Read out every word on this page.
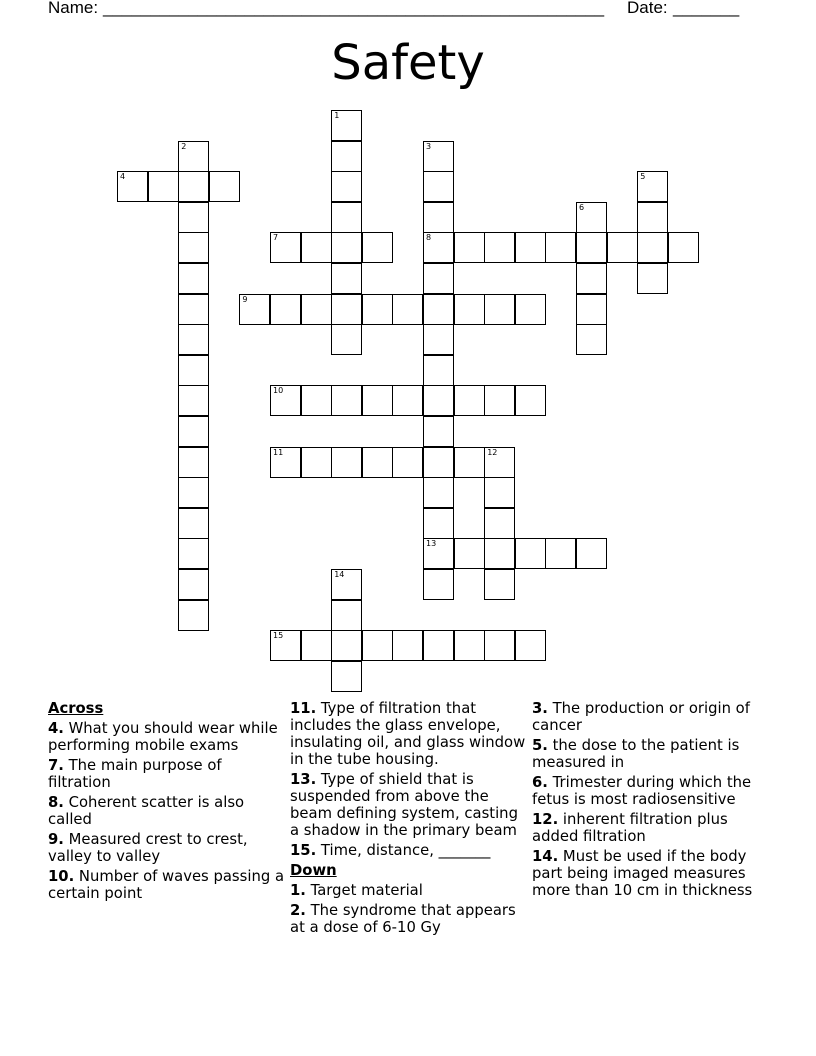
Name: _____________________________________________________ Date: _______
Safety
1
2	3
8
13
4	5
6
7
9
10
11	12
14
15
Across
4. What you should wear while performing mobile exams
7. The main purpose of filtration
8. Coherent scatter is also called
9. Measured crest to crest, valley to valley
10. Number of waves passing a certain point
11. Type of filtration that includes the glass envelope, insulating oil, and glass window in the tube housing.
13. Type of shield that is suspended from above the beam defining system, casting a shadow in the primary beam
15. Time, distance, _______
Down
1. Target material
2. The syndrome that appears at a dose of 6-10 Gy
3. The production or origin of cancer
5. the dose to the patient is measured in
6. Trimester during which the fetus is most radiosensitive
12. inherent filtration plus added filtration
14. Must be used if the body part being imaged measures more than 10 cm in thickness
